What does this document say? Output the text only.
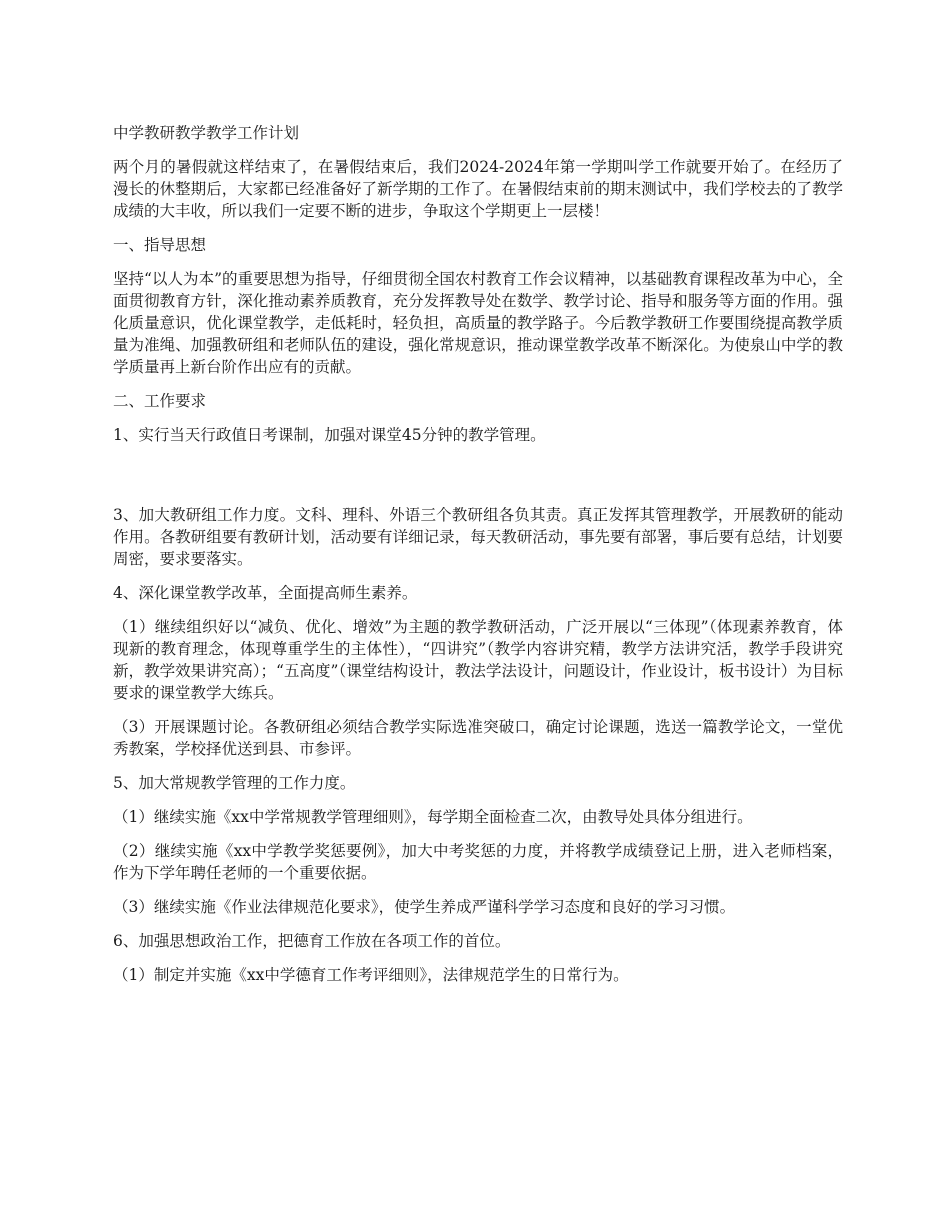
中学教研教学教学工作计划

两个月的暑假就这样结束了，在暑假结束后，我们2024-2024年第一学期叫学工作就要开始了。在经历了漫长的休整期后，大家都已经准备好了新学期的工作了。在暑假结束前的期末测试中，我们学校去的了教学成绩的大丰收，所以我们一定要不断的进步，争取这个学期更上一层楼！

一、指导思想

坚持“以人为本”的重要思想为指导，仔细贯彻全国农村教育工作会议精神，以基础教育课程改革为中心，全面贯彻教育方针，深化推动素养质教育，充分发挥教导处在数学、教学讨论、指导和服务等方面的作用。强化质量意识，优化课堂教学，走低耗时，轻负担，高质量的教学路子。今后教学教研工作要围绕提高教学质量为准绳、加强教研组和老师队伍的建设，强化常规意识，推动课堂教学改革不断深化。为使泉山中学的教学质量再上新台阶作出应有的贡献。

二、工作要求

1、实行当天行政值日考课制，加强对课堂45分钟的教学管理。

3、加大教研组工作力度。文科、理科、外语三个教研组各负其责。真正发挥其管理教学，开展教研的能动作用。各教研组要有教研计划，活动要有详细记录，每天教研活动，事先要有部署，事后要有总结，计划要周密，要求要落实。

4、深化课堂教学改革，全面提高师生素养。

（1）继续组织好以“减负、优化、增效”为主题的教学教研活动，广泛开展以“三体现”（体现素养教育，体现新的教育理念，体现尊重学生的主体性），“四讲究”（教学内容讲究精，教学方法讲究活，教学手段讲究新，教学效果讲究高）；“五高度”（课堂结构设计，教法学法设计，问题设计，作业设计，板书设计）为目标要求的课堂教学大练兵。

（3）开展课题讨论。各教研组必须结合教学实际选准突破口，确定讨论课题，选送一篇教学论文，一堂优秀教案，学校择优送到县、市参评。

5、加大常规教学管理的工作力度。

（1）继续实施《xx中学常规教学管理细则》，每学期全面检查二次，由教导处具体分组进行。

（2）继续实施《xx中学教学奖惩要例》，加大中考奖惩的力度，并将教学成绩登记上册，进入老师档案，作为下学年聘任老师的一个重要依据。

（3）继续实施《作业法律规范化要求》，使学生养成严谨科学学习态度和良好的学习习惯。

6、加强思想政治工作，把德育工作放在各项工作的首位。

（1）制定并实施《xx中学德育工作考评细则》，法律规范学生的日常行为。
